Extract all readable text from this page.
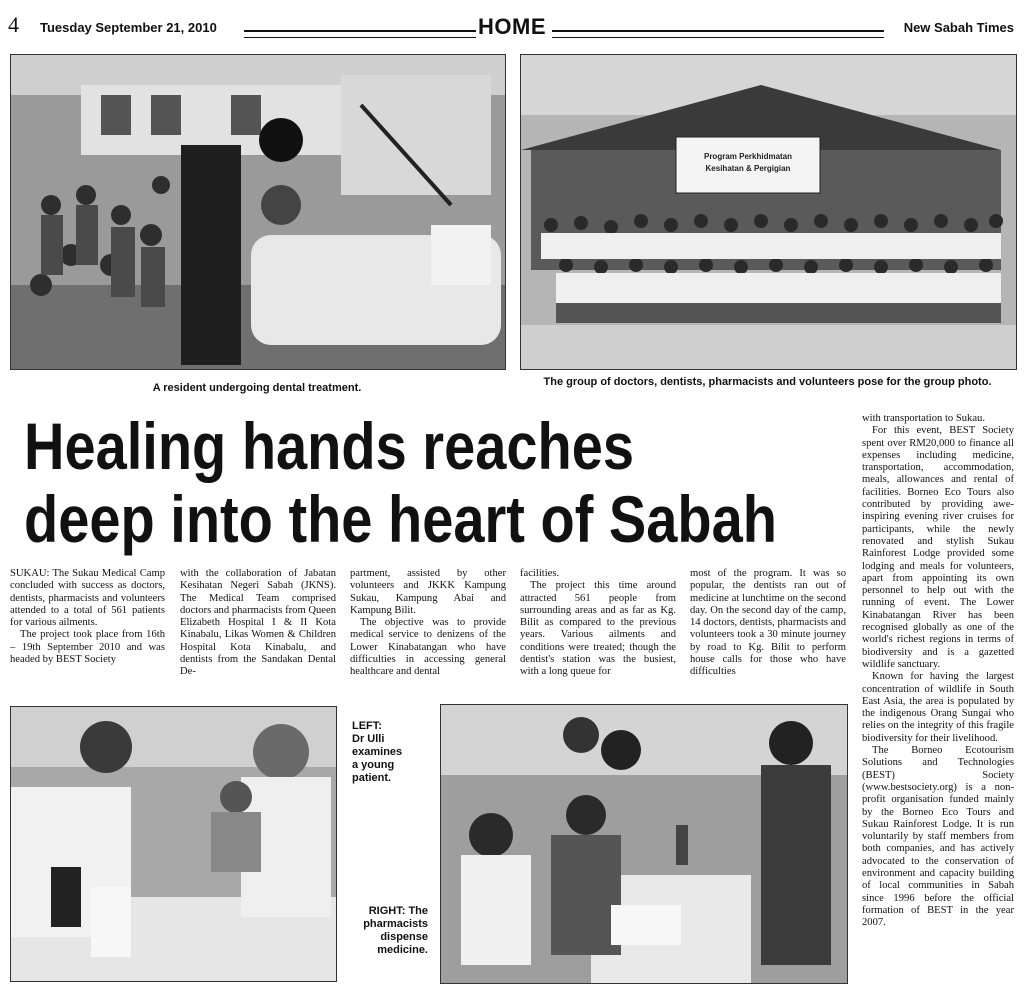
4 Tuesday September 21, 2010	HOME	New Sabah Times
A resident undergoing dental treatment.
Program Perkhidmatan
Kesihatan & Pergigian
The group of doctors, dentists, pharmacists and volunteers pose for the group photo.
Healing hands reaches
deep into the heart of Sabah

SUKAU: The Sukau Medical Camp concluded with success as doctors, dentists, pharmacists and volunteers attended to a total of 561 patients for various ailments.

The project took place from 16th – 19th September 2010 and was headed by BEST Society

with the collaboration of Jabatan Kesihatan Negeri Sabah (JKNS). The Medical Team comprised doctors and pharmacists from Queen Elizabeth Hospital I & II Kota Kinabalu, Likas Women & Children Hospital Kota Kinabalu, and dentists from the Sandakan Dental De-

partment, assisted by other volunteers and JKKK Kampung Sukau, Kampung Abai and Kampung Bilit.

The objective was to provide medical service to denizens of the Lower Kinabatangan who have difficulties in accessing general healthcare and dental

facilities.

The project this time around attracted 561 people from surrounding areas and as far as Kg. Bilit as compared to the previous years. Various ailments and conditions were treated; though the dentist's station was the busiest, with a long queue for

most of the program. It was so popular, the dentists ran out of medicine at lunchtime on the second day. On the second day of the camp, 14 doctors, dentists, pharmacists and volunteers took a 30 minute journey by road to Kg. Bilit to perform house calls for those who have difficulties

with transportation to Sukau.

For this event, BEST Society spent over RM20,000 to finance all expenses including medicine, transportation, accommodation, meals, allowances and rental of facilities. Borneo Eco Tours also contributed by providing awe-inspiring evening river cruises for participants, while the newly renovated and stylish Sukau Rainforest Lodge provided some lodging and meals for volunteers, apart from appointing its own personnel to help out with the running of event. The Lower Kinabatangan River has been recognised globally as one of the world's richest regions in terms of biodiversity and is a gazetted wildlife sanctuary.

Known for having the largest concentration of wildlife in South East Asia, the area is populated by the indigenous Orang Sungai who relies on the integrity of this fragile biodiversity for their livelihood.

The Borneo Ecotourism Solutions and Technologies (BEST) Society (www.bestsociety.org) is a non-profit organisation funded mainly by the Borneo Eco Tours and Sukau Rainforest Lodge. It is run voluntarily by staff members from both companies, and has actively advocated to the conservation of environment and capacity building of local communities in Sabah since 1996 before the official formation of BEST in the year 2007.

LEFT:
Dr Ulli
examines
a young
patient.
RIGHT: The
pharmacists
dispense
medicine.
